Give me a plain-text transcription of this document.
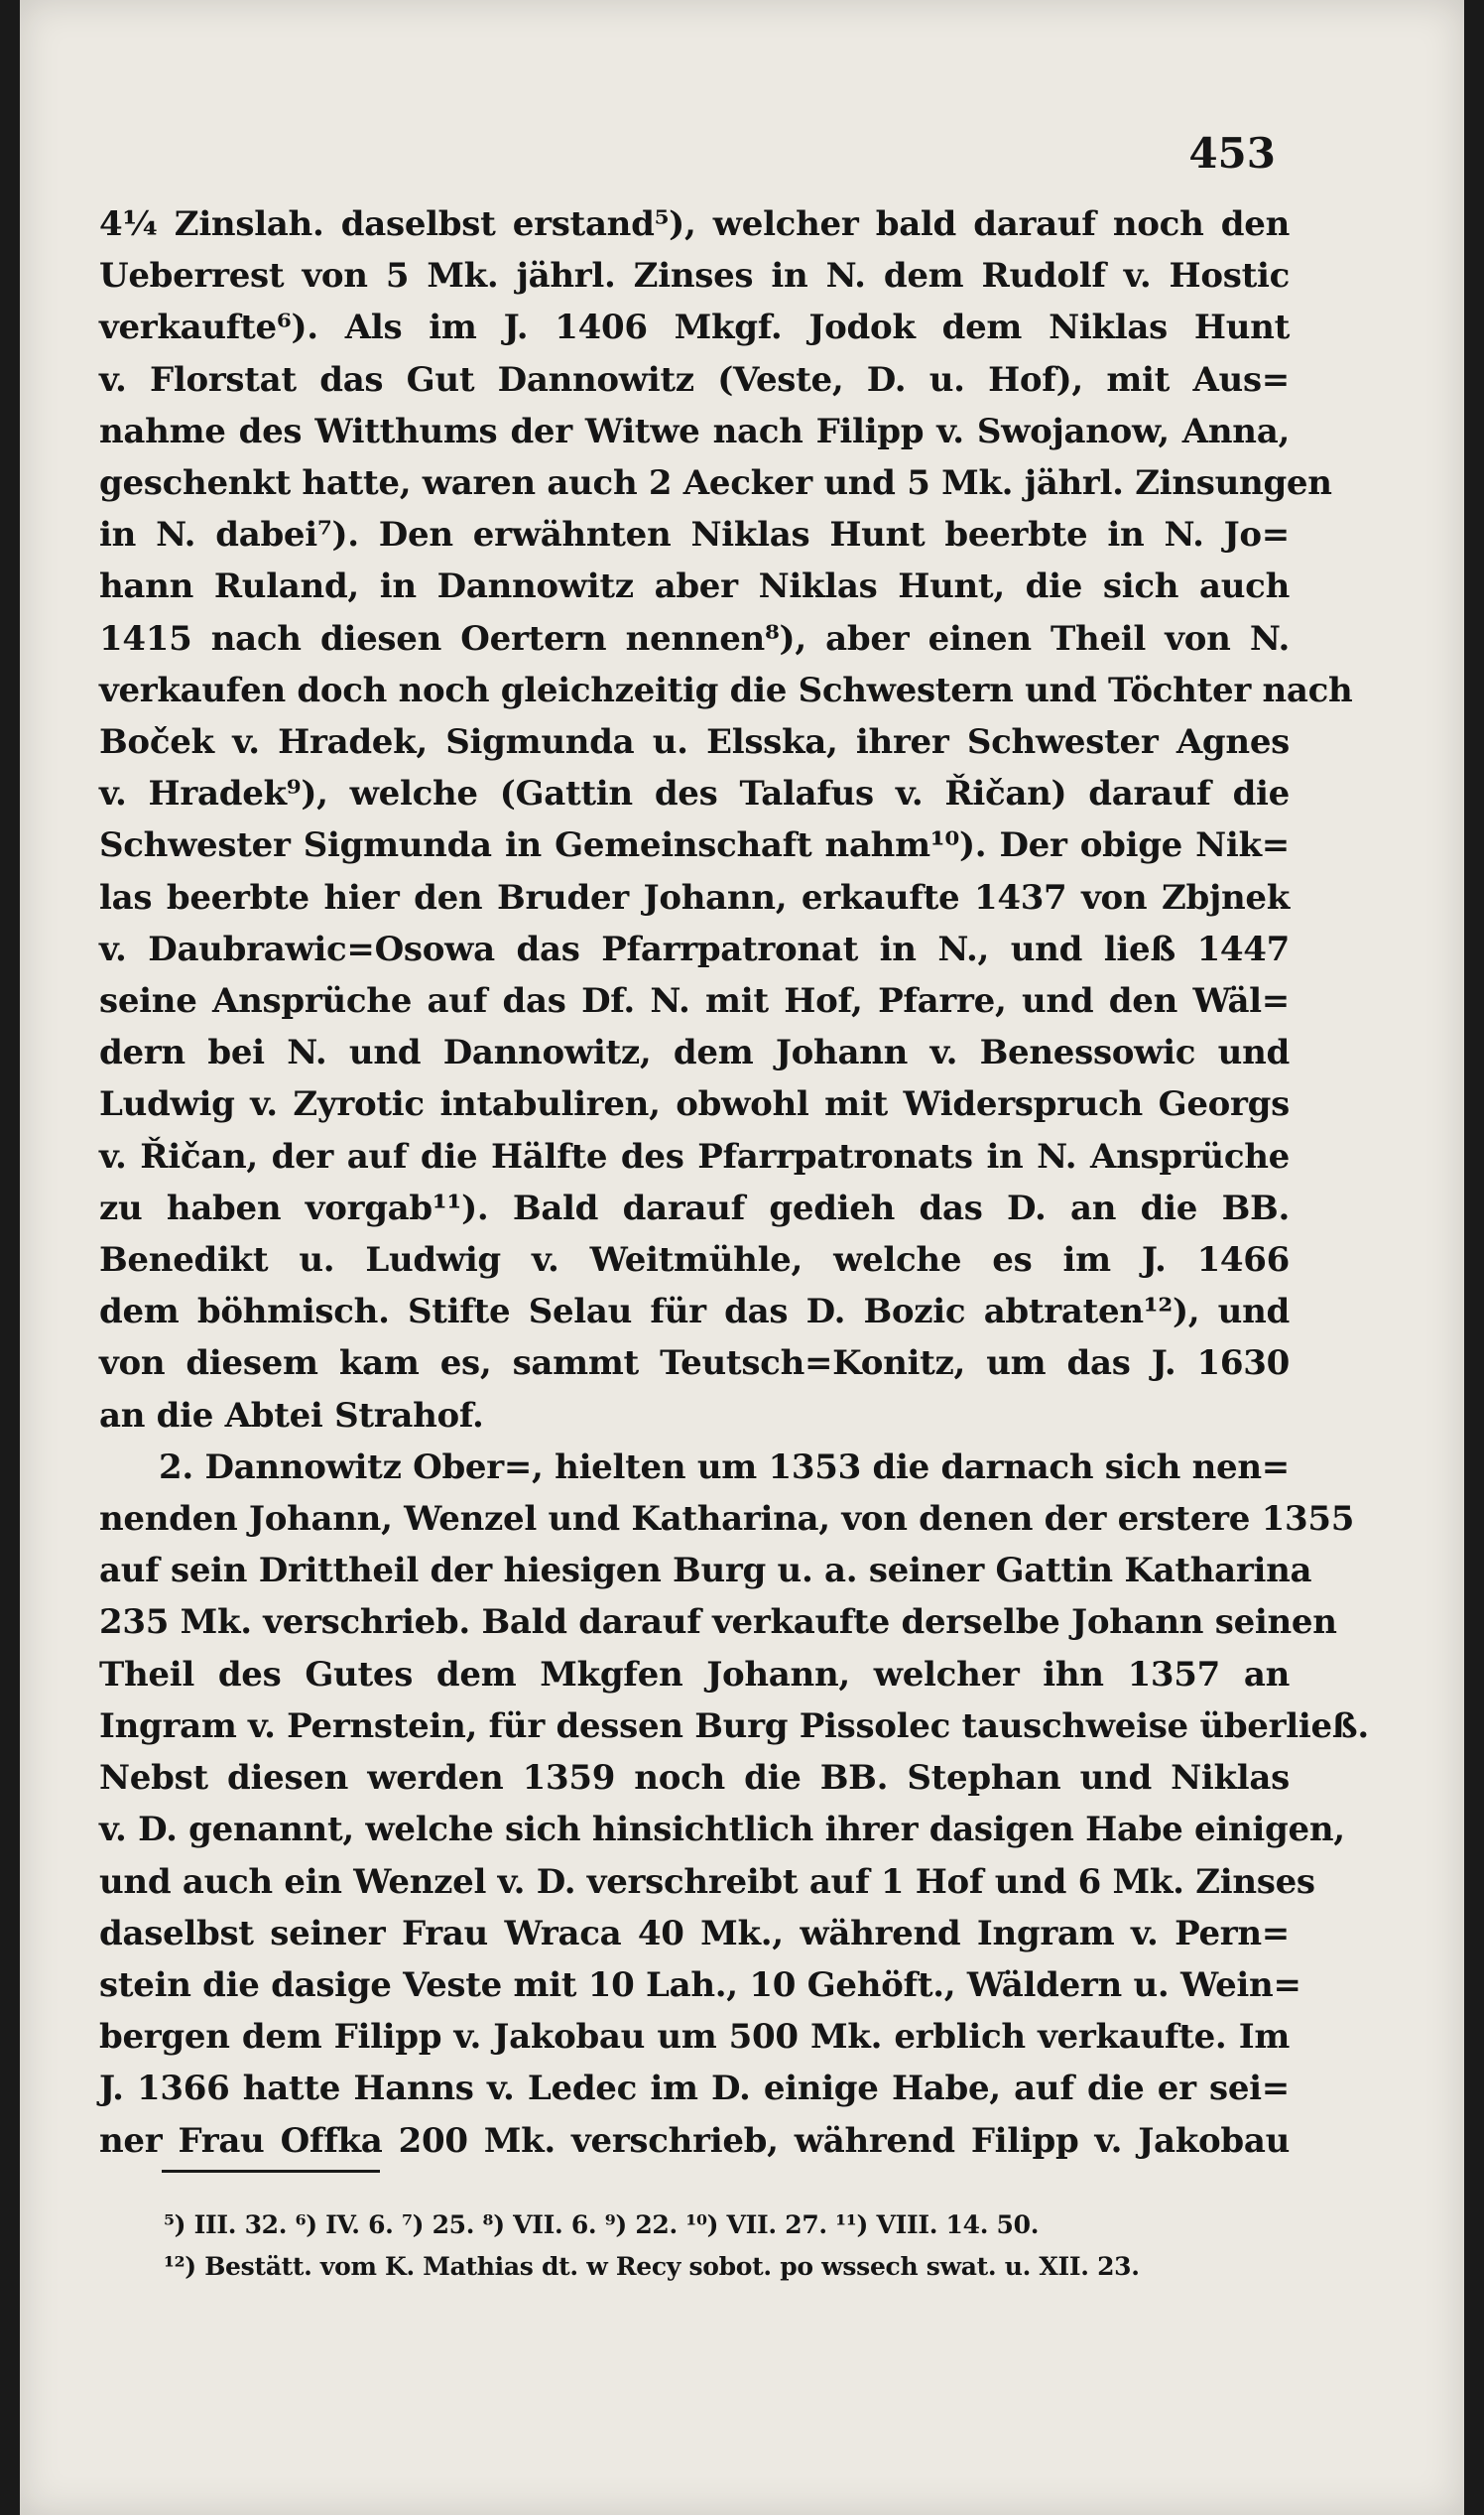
453
4¼ Zinslah. daselbst erstand⁵), welcher bald darauf noch den
Ueberrest von 5 Mk. jährl. Zinses in N. dem Rudolf v. Hostic
verkaufte⁶). Als im J. 1406 Mkgf. Jodok dem Niklas Hunt
v. Florstat das Gut Dannowitz (Veste, D. u. Hof), mit Aus=
nahme des Witthums der Witwe nach Filipp v. Swojanow, Anna,
geschenkt hatte, waren auch 2 Aecker und 5 Mk. jährl. Zinsungen
in N. dabei⁷). Den erwähnten Niklas Hunt beerbte in N. Jo=
hann Ruland, in Dannowitz aber Niklas Hunt, die sich auch
1415 nach diesen Oertern nennen⁸), aber einen Theil von N.
verkaufen doch noch gleichzeitig die Schwestern und Töchter nach
Boček v. Hradek, Sigmunda u. Elsska, ihrer Schwester Agnes
v. Hradek⁹), welche (Gattin des Talafus v. Řičan) darauf die
Schwester Sigmunda in Gemeinschaft nahm¹⁰). Der obige Nik=
las beerbte hier den Bruder Johann, erkaufte 1437 von Zbjnek
v. Daubrawic=Osowa das Pfarrpatronat in N., und ließ 1447
seine Ansprüche auf das Df. N. mit Hof, Pfarre, und den Wäl=
dern bei N. und Dannowitz, dem Johann v. Benessowic und
Ludwig v. Zyrotic intabuliren, obwohl mit Widerspruch Georgs
v. Řičan, der auf die Hälfte des Pfarrpatronats in N. Ansprüche
zu haben vorgab¹¹). Bald darauf gedieh das D. an die BB.
Benedikt u. Ludwig v. Weitmühle, welche es im J. 1466
dem böhmisch. Stifte Selau für das D. Bozic abtraten¹²), und
von diesem kam es, sammt Teutsch=Konitz, um das J. 1630
an die Abtei Strahof.
2. Dannowitz Ober=, hielten um 1353 die darnach sich nen=
nenden Johann, Wenzel und Katharina, von denen der erstere 1355
auf sein Drittheil der hiesigen Burg u. a. seiner Gattin Katharina
235 Mk. verschrieb. Bald darauf verkaufte derselbe Johann seinen
Theil des Gutes dem Mkgfen Johann, welcher ihn 1357 an
Ingram v. Pernstein, für dessen Burg Pissolec tauschweise überließ.
Nebst diesen werden 1359 noch die BB. Stephan und Niklas
v. D. genannt, welche sich hinsichtlich ihrer dasigen Habe einigen,
und auch ein Wenzel v. D. verschreibt auf 1 Hof und 6 Mk. Zinses
daselbst seiner Frau Wraca 40 Mk., während Ingram v. Pern=
stein die dasige Veste mit 10 Lah., 10 Gehöft., Wäldern u. Wein=
bergen dem Filipp v. Jakobau um 500 Mk. erblich verkaufte. Im
J. 1366 hatte Hanns v. Ledec im D. einige Habe, auf die er sei=
ner Frau Offka 200 Mk. verschrieb, während Filipp v. Jakobau
⁵) III. 32. ⁶) IV. 6. ⁷) 25. ⁸) VII. 6. ⁹) 22. ¹⁰) VII. 27. ¹¹) VIII. 14. 50.
¹²) Bestätt. vom K. Mathias dt. w Recy sobot. po wssech swat. u. XII. 23.
